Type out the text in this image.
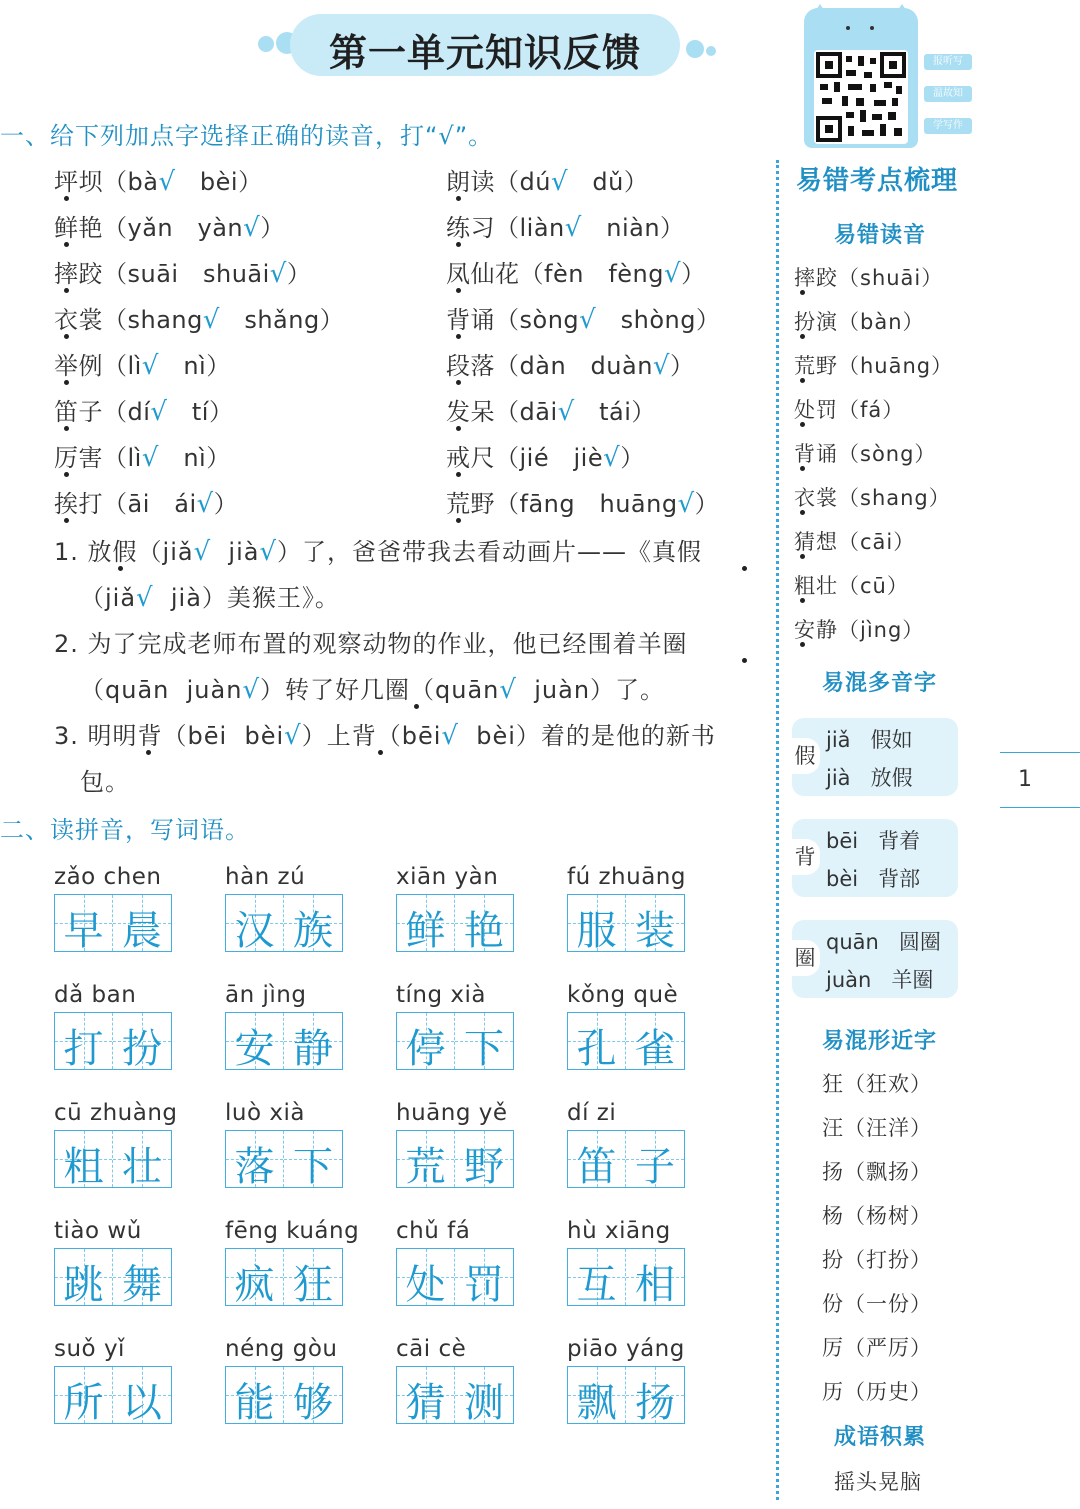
第一单元知识反馈	报听写
温故知
学写作
一、给下列加点字选择正确的读音，打“√”。
坪坝（bà√ bèi）
鲜艳（yǎn yàn√）
摔跤（suāi shuāi√）
衣裳（shang√ shǎng）
举例（lì√ nì）
笛子（dí√ tí）
厉害（lì√ nì）
挨打（āi ái√）
朗读（dú√ dǔ）
练习（liàn√ niàn）
凤仙花（fèn fèng√）
背诵（sòng√ shòng）
段落（dàn duàn√）
发呆（dāi√ tái）
戒尺（jié jiè√）
荒野（fāng huāng√）
1. 放假（jiǎ√ jià√）了，爸爸带我去看动画片——《真假
（jiǎ√ jià）美猴王》。
2. 为了完成老师布置的观察动物的作业，他已经围着羊圈
（quān juàn√）转了好几圈（quān√ juàn）了。
3. 明明背（bēi bèi√）上背（bēi√ bèi）着的是他的新书
包。
二、读拼音，写词语。
zǎo chen
早 晨
hàn zú
汉 族
xiān yàn
鲜 艳
fú zhuāng
服 装
dǎ ban
打 扮
ān jìng
安 静
tíng xià
停 下
kǒng què
孔 雀
cū zhuàng
粗 壮
luò xià
落 下
huāng yě
荒 野
dí zi
笛 子
tiào wǔ
跳 舞
fēng kuáng
疯 狂
chǔ fá
处 罚
hù xiāng
互 相
suǒ yǐ
所 以
néng gòu
能 够
cāi cè
猜 测
piāo yáng
飘 扬
易错考点梳理
易错读音
摔跤（shuāi）
扮演（bàn）
荒野（huāng）
处罚（fá）
背诵（sòng）
衣裳（shang）
猜想（cāi）
粗壮（cū）
安静（jìng）
易混多音字
假
jiǎ 假如
jià 放假
背
bēi 背着
bèi 背部
圈
quān 圆圈
juàn 羊圈
易混形近字
狂（狂欢）
汪（汪洋）
扬（飘扬）
杨（杨树）
扮（打扮）
份（一份）
厉（严厉）
历（历史）
成语积累
摇头晃脑
1
